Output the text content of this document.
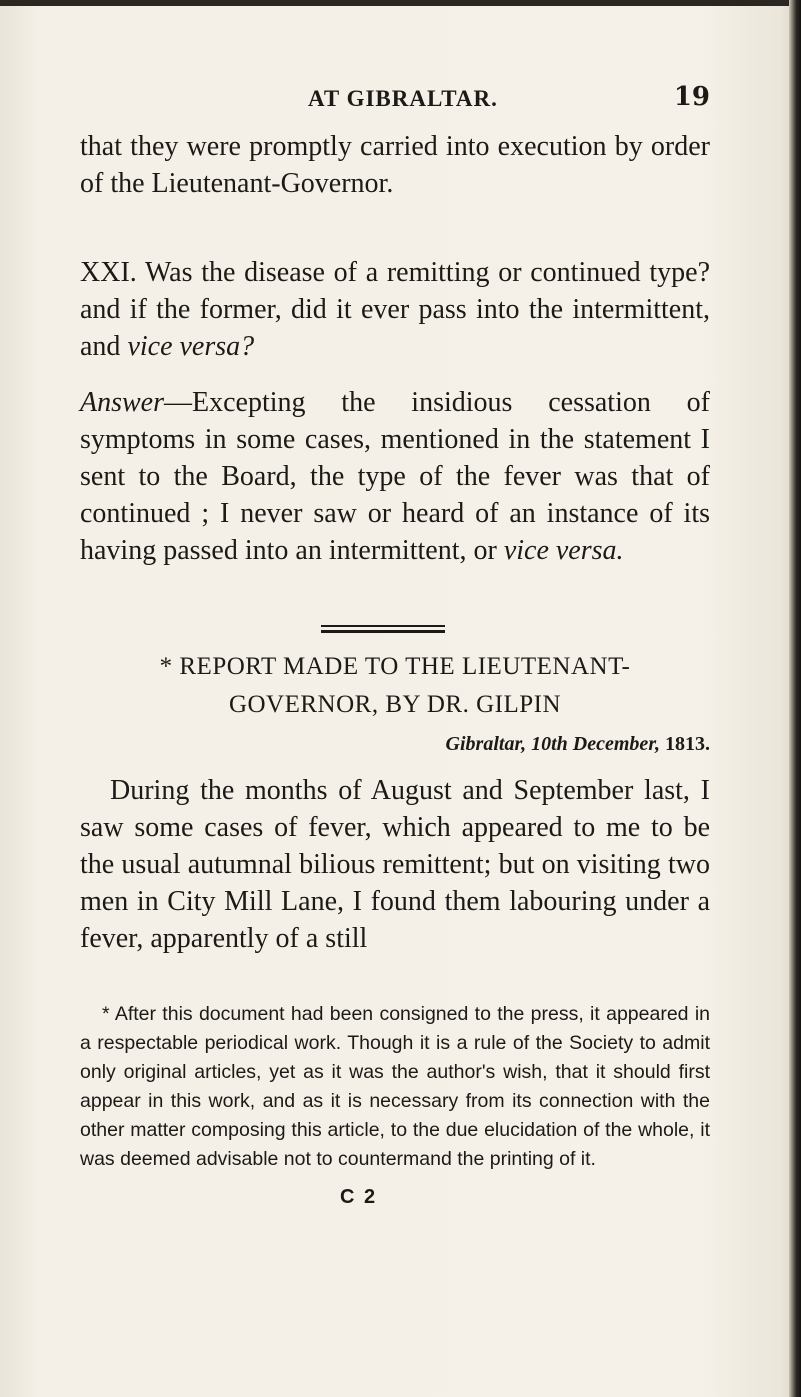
AT GIBRALTAR.	19

that they were promptly carried into execution by order of the Lieutenant-Governor.

XXI. Was the disease of a remitting or continued type? and if the former, did it ever pass into the intermittent, and vice versa?

Answer—Excepting the insidious cessation of symptoms in some cases, mentioned in the statement I sent to the Board, the type of the fever was that of continued ; I never saw or heard of an instance of its having passed into an intermittent, or vice versa.

* REPORT MADE TO THE LIEUTENANT-
GOVERNOR, BY DR. GILPIN
Gibraltar, 10th December, 1813.

During the months of August and September last, I saw some cases of fever, which appeared to me to be the usual autumnal bilious remittent; but on visiting two men in City Mill Lane, I found them labouring under a fever, apparently of a still

* After this document had been consigned to the press, it appeared in a respectable periodical work. Though it is a rule of the Society to admit only original articles, yet as it was the author's wish, that it should first appear in this work, and as it is necessary from its connection with the other matter composing this article, to the due elucidation of the whole, it was deemed advisable not to countermand the printing of it.
C 2
